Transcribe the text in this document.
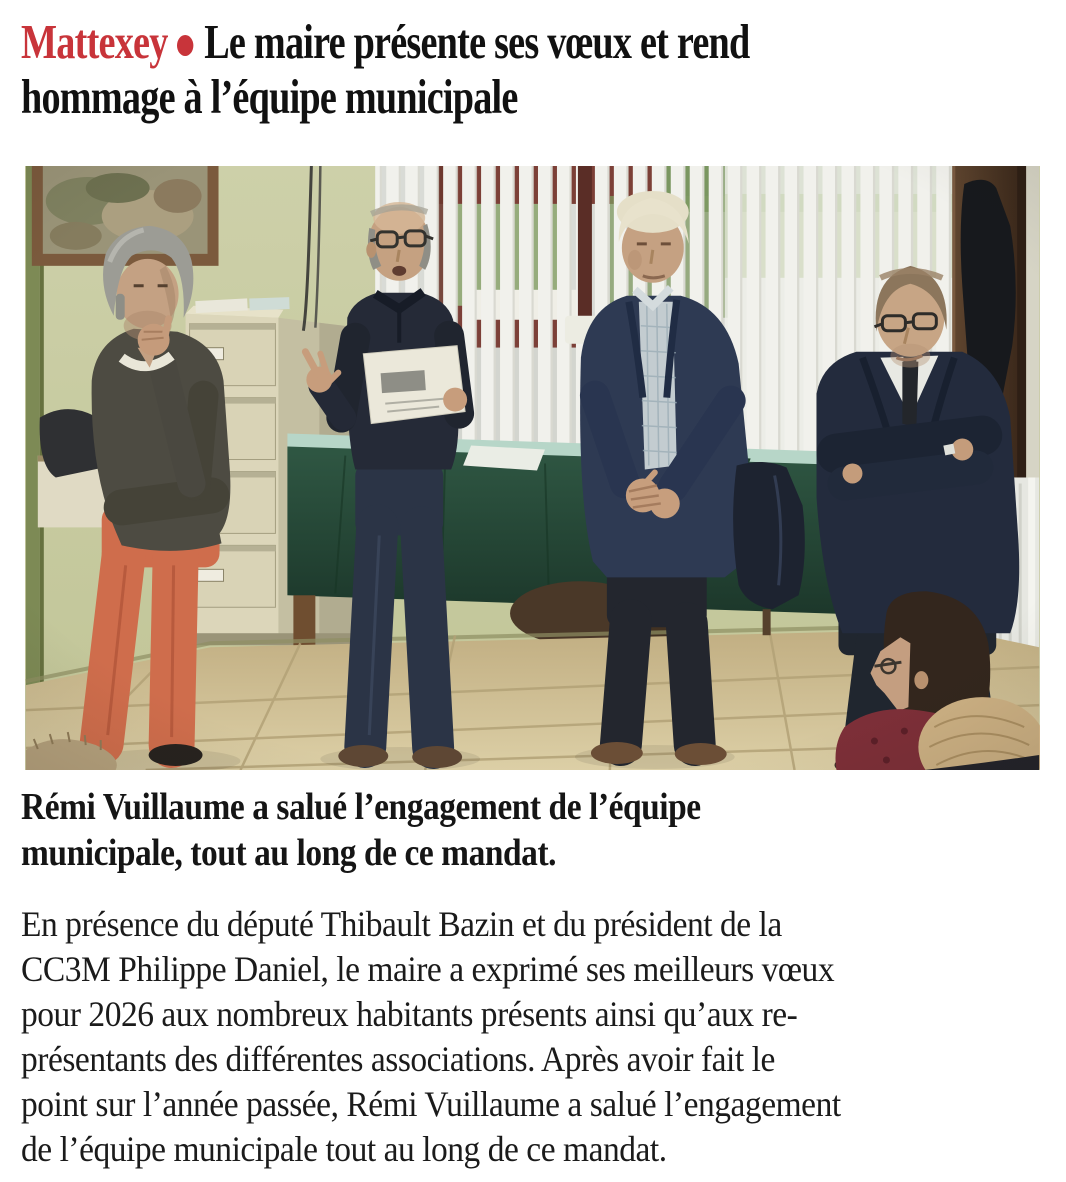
Mattexey Le maire présente ses vœux et rend
hommage à l’équipe municipale
Rémi Vuillaume a salué l’engagement de l’équipe
municipale, tout au long de ce mandat.
En présence du député Thibault Bazin et du président de la
CC3M Philippe Daniel, le maire a exprimé ses meilleurs vœux
pour 2026 aux nombreux habitants présents ainsi qu’aux re-
présentants des différentes associations. Après avoir fait le
point sur l’année passée, Rémi Vuillaume a salué l’engagement
de l’équipe municipale tout au long de ce mandat.
